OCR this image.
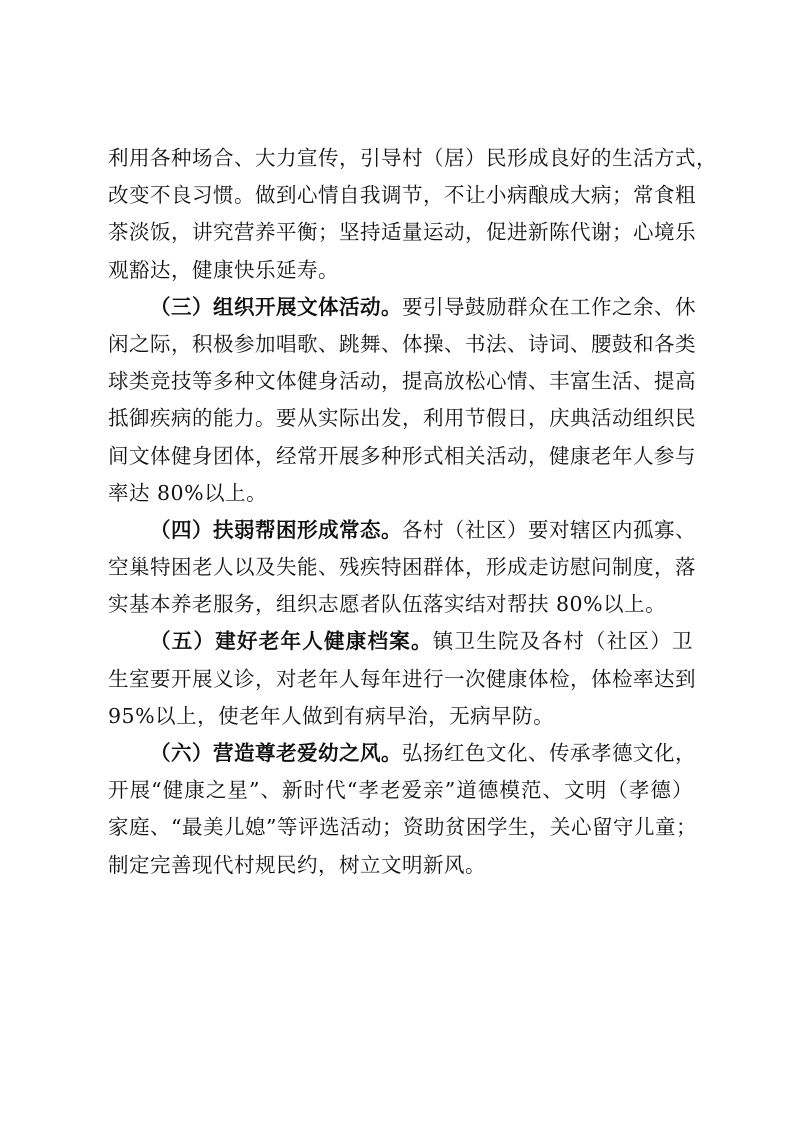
利用各种场合、大力宣传，引导村（居）民形成良好的生活方式，
改变不良习惯。做到心情自我调节，不让小病酿成大病；常食粗
茶淡饭，讲究营养平衡；坚持适量运动，促进新陈代谢；心境乐
观豁达，健康快乐延寿。
（三）组织开展文体活动。要引导鼓励群众在工作之余、休
闲之际，积极参加唱歌、跳舞、体操、书法、诗词、腰鼓和各类
球类竞技等多种文体健身活动，提高放松心情、丰富生活、提高
抵御疾病的能力。要从实际出发，利用节假日，庆典活动组织民
间文体健身团体，经常开展多种形式相关活动，健康老年人参与
率达 80%以上。
（四）扶弱帮困形成常态。各村（社区）要对辖区内孤寡、
空巢特困老人以及失能、残疾特困群体，形成走访慰问制度，落
实基本养老服务，组织志愿者队伍落实结对帮扶 80%以上。
（五）建好老年人健康档案。镇卫生院及各村（社区）卫
生室要开展义诊，对老年人每年进行一次健康体检，体检率达到
95%以上，使老年人做到有病早治，无病早防。
（六）营造尊老爱幼之风。弘扬红色文化、传承孝德文化，
开展“健康之星”、新时代“孝老爱亲”道德模范、文明（孝德）
家庭、“最美儿媳”等评选活动；资助贫困学生，关心留守儿童；
制定完善现代村规民约，树立文明新风。
